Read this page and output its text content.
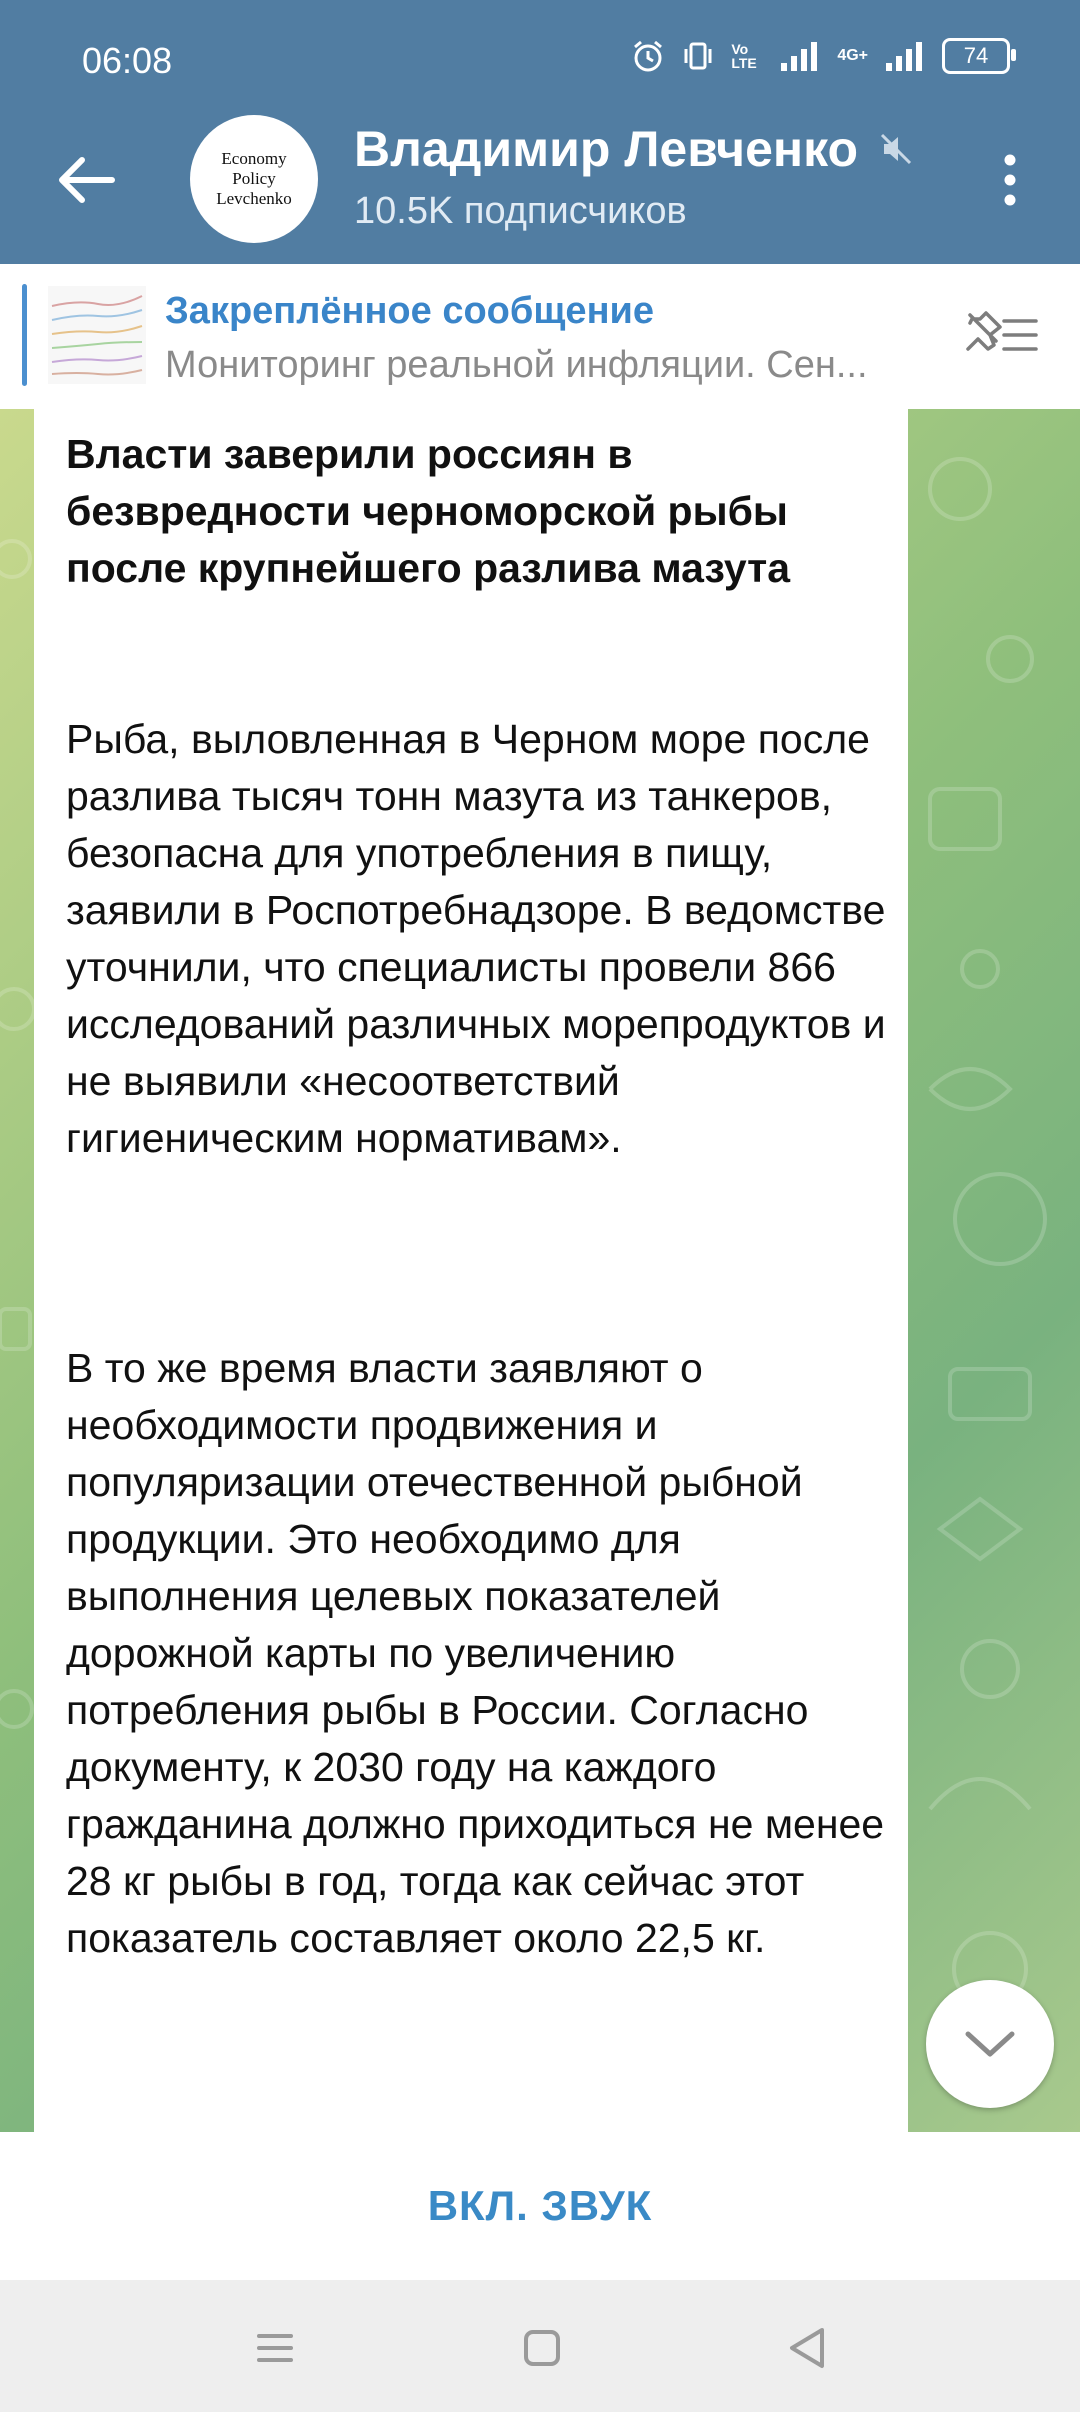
06:08	Vo LTE	4G+	74
Economy
Policy
Levchenko
Владимир Левченко
10.5K подписчиков
Закреплённое сообщение
Мониторинг реальной инфляции. Сен...
Власти заверили россиян в безвредности черноморской рыбы после крупнейшего разлива мазута
Рыба, выловленная в Черном море после разлива тысяч тонн мазута из танкеров, безопасна для употребления в пищу, заявили в Роспотребнадзоре. В ведомстве уточнили, что специалисты провели 866 исследований различных морепродуктов и не выявили «несоответствий гигиеническим нормативам».
В то же время власти заявляют о необходимости продвижения и популяризации отечественной рыбной продукции. Это необходимо для выполнения целевых показателей дорожной карты по увеличению потребления рыбы в России. Согласно документу, к 2030 году на каждого гражданина должно приходиться не менее 28 кг рыбы в год, тогда как сейчас этот показатель составляет около 22,5 кг.
ВКЛ. ЗВУК
